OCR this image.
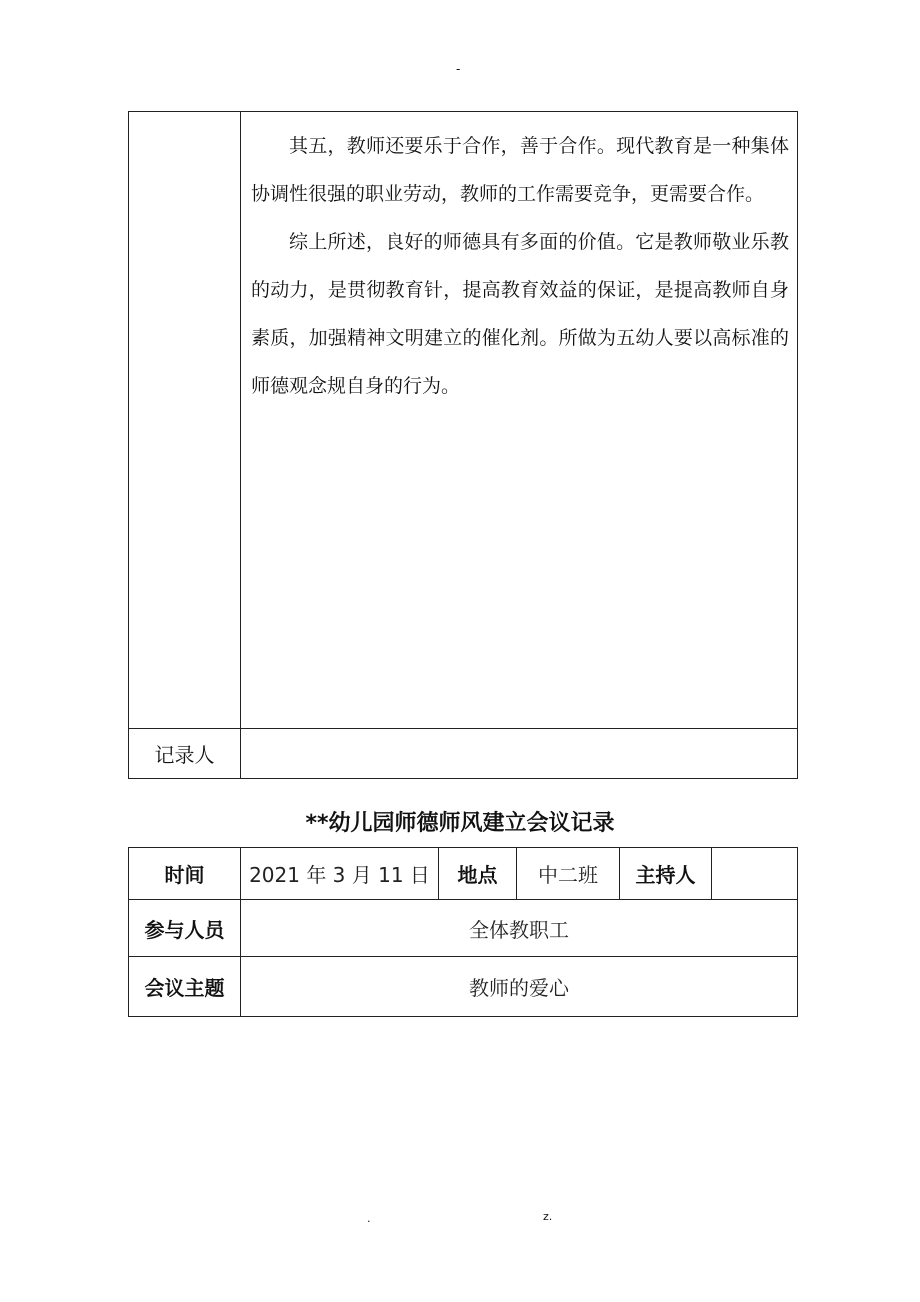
-

	其五，教师还要乐于合作，善于合作。现代教育是一种集体协调性很强的职业劳动，教师的工作需要竞争，更需要合作。

综上所述，良好的师德具有多面的价值。它是教师敬业乐教的动力，是贯彻教育针，提高教育效益的保证，是提高教师自身素质，加强精神文明建立的催化剂。所做为五幼人要以高标准的师德观念规自身的行为。

记录人	
**幼儿园师德师风建立会议记录
时间	2021 年 3 月 11 日	地点	中二班	主持人	
参与人员	全体教职工				
会议主题	教师的爱心				
.	z.
